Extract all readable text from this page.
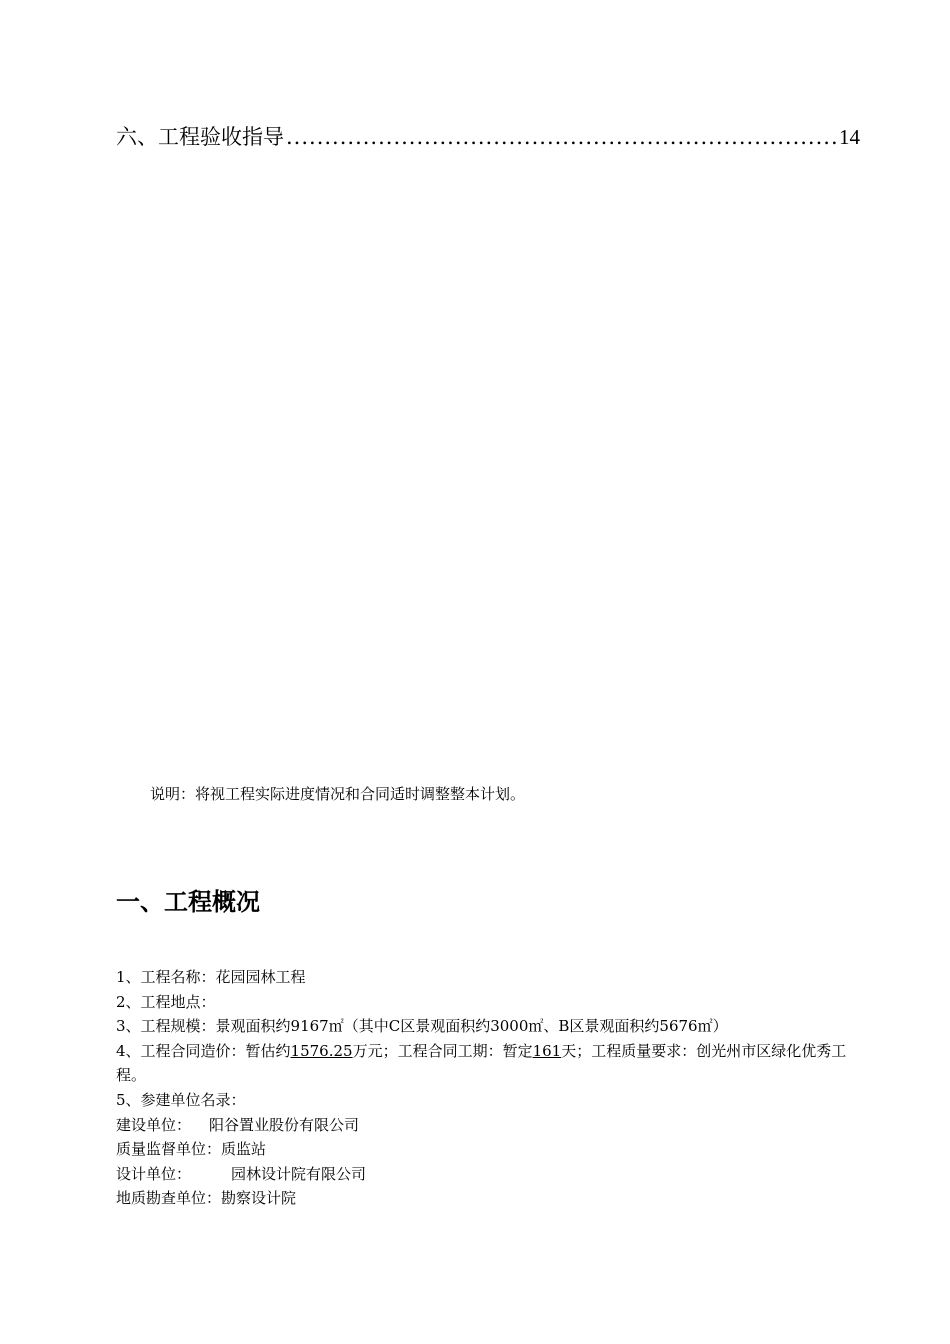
六、工程验收指导
.....	14
说明：将视工程实际进度情况和合同适时调整整本计划。
一、工程概况

1、工程名称：花园园林工程

2、工程地点：

3、工程规模：景观面积约9167㎡（其中C区景观面积约3000㎡、B区景观面积约5676㎡）

4、工程合同造价：暂估约1576.25万元；工程合同工期：暂定161天；工程质量要求：创光州市区绿化优秀工程。

5、参建单位名录：

建设单位： 阳谷置业股份有限公司

质量监督单位：质监站

设计单位：	园林设计院有限公司

地质勘查单位：勘察设计院
